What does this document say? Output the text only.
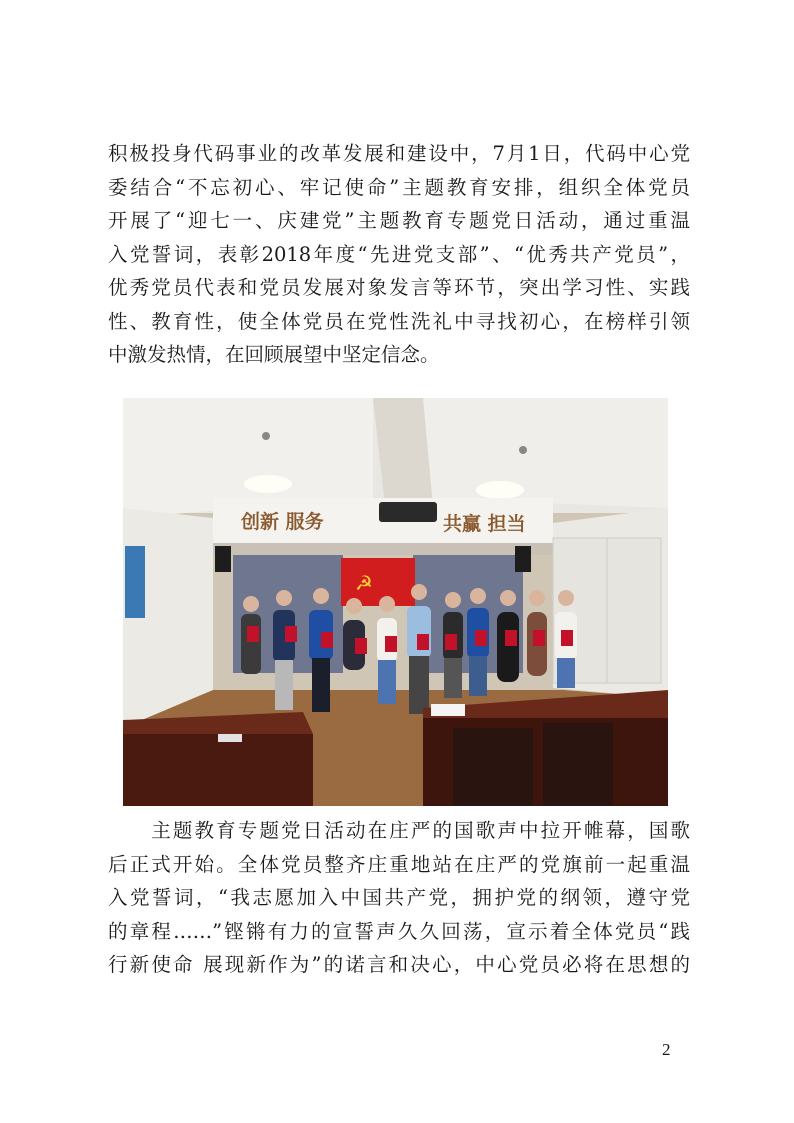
积极投身代码事业的改革发展和建设中，7月1日，代码中心党
委结合“不忘初心、牢记使命”主题教育安排，组织全体党员
开展了“迎七一、庆建党”主题教育专题党日活动，通过重温
入党誓词，表彰2018年度“先进党支部”、“优秀共产党员”，
优秀党员代表和党员发展对象发言等环节，突出学习性、实践
性、教育性，使全体党员在党性洗礼中寻找初心，在榜样引领
中激发热情，在回顾展望中坚定信念。
创新 服务	共赢 担当
☭
　　主题教育专题党日活动在庄严的国歌声中拉开帷幕，国歌
后正式开始。全体党员整齐庄重地站在庄严的党旗前一起重温
入党誓词，“我志愿加入中国共产党，拥护党的纲领，遵守党
的章程……”铿锵有力的宣誓声久久回荡，宣示着全体党员“践
行新使命 展现新作为”的诺言和决心，中心党员必将在思想的
2
